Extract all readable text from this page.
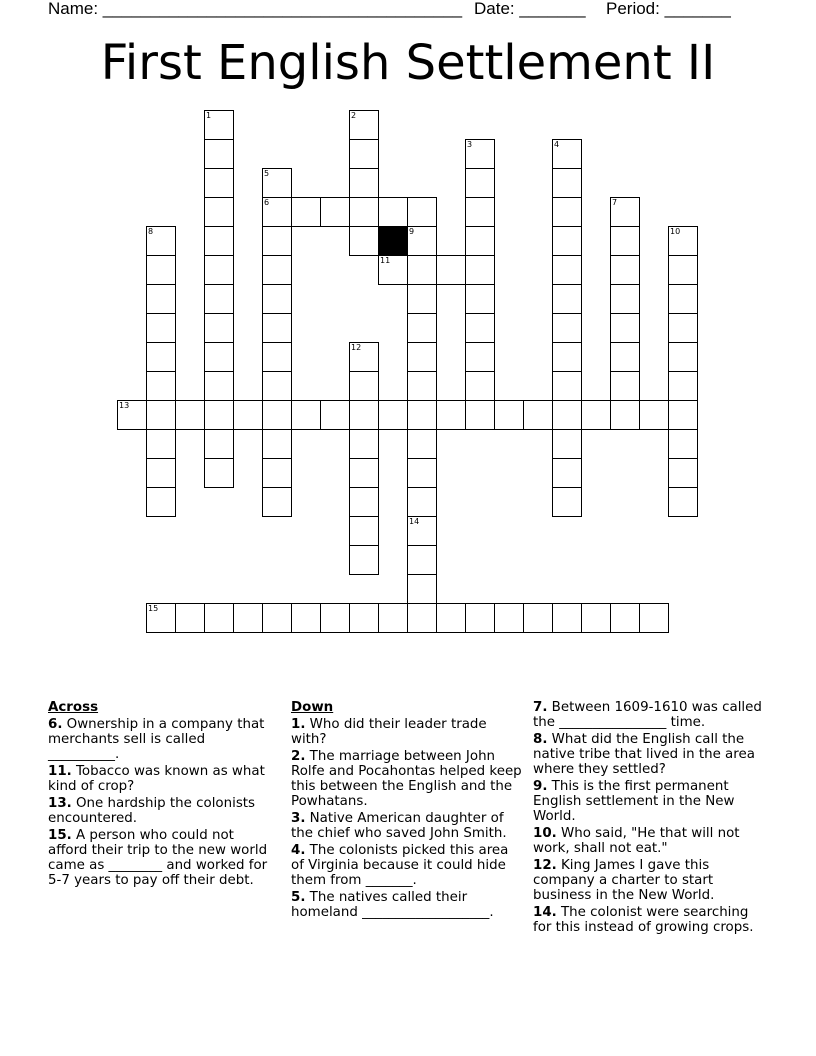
Name: ______________________________________ Date: _______ Period: _______
First English Settlement II
1	2
3	4
5
6	7
8	9	10
11
12
13
14
15
Across
6. Ownership in a company that merchants sell is called __________.
11. Tobacco was known as what kind of crop?
13. One hardship the colonists encountered.
15. A person who could not afford their trip to the new world came as ________ and worked for 5-7 years to pay off their debt.
Down
1. Who did their leader trade with?
2. The marriage between John Rolfe and Pocahontas helped keep this between the English and the Powhatans.
3. Native American daughter of the chief who saved John Smith.
4. The colonists picked this area of Virginia because it could hide them from _______.
5. The natives called their homeland ___________________.
7. Between 1609-1610 was called the ________________ time.
8. What did the English call the native tribe that lived in the area where they settled?
9. This is the first permanent English settlement in the New World.
10. Who said, "He that will not work, shall not eat."
12. King James I gave this company a charter to start business in the New World.
14. The colonist were searching for this instead of growing crops.
